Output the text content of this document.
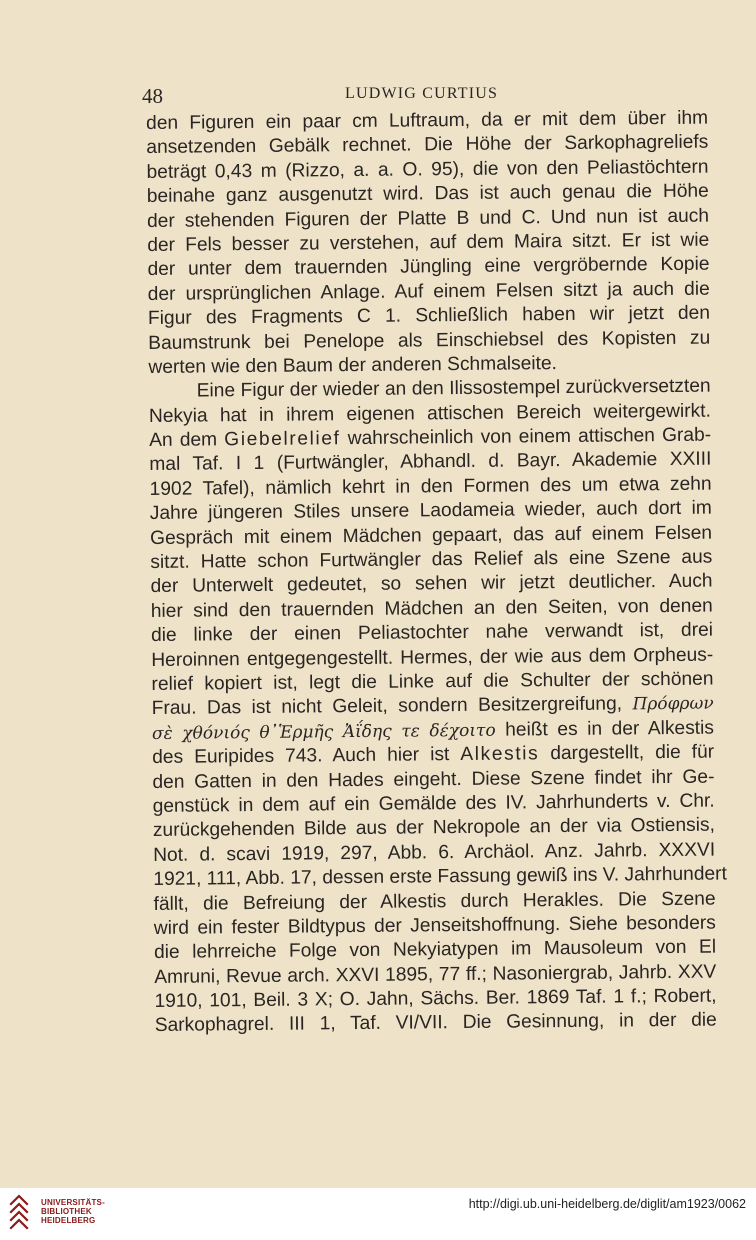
48	LUDWIG CURTIUS
den Figuren ein paar cm Luftraum, da er mit dem über ihm
ansetzenden Gebälk rechnet. Die Höhe der Sarkophagreliefs
beträgt 0,43 m (Rizzo, a. a. O. 95), die von den Peliastöchtern
beinahe ganz ausgenutzt wird. Das ist auch genau die Höhe
der stehenden Figuren der Platte B und C. Und nun ist auch
der Fels besser zu verstehen, auf dem Maira sitzt. Er ist wie
der unter dem trauernden Jüngling eine vergröbernde Kopie
der ursprünglichen Anlage. Auf einem Felsen sitzt ja auch die
Figur des Fragments C 1. Schließlich haben wir jetzt den
Baumstrunk bei Penelope als Einschiebsel des Kopisten zu
werten wie den Baum der anderen Schmalseite.
Eine Figur der wieder an den Ilissostempel zurückversetzten
Nekyia hat in ihrem eigenen attischen Bereich weitergewirkt.
An dem Giebelrelief wahrscheinlich von einem attischen Grab-
mal Taf. I 1 (Furtwängler, Abhandl. d. Bayr. Akademie XXIII
1902 Tafel), nämlich kehrt in den Formen des um etwa zehn
Jahre jüngeren Stiles unsere Laodameia wieder, auch dort im
Gespräch mit einem Mädchen gepaart, das auf einem Felsen
sitzt. Hatte schon Furtwängler das Relief als eine Szene aus
der Unterwelt gedeutet, so sehen wir jetzt deutlicher. Auch
hier sind den trauernden Mädchen an den Seiten, von denen
die linke der einen Peliastochter nahe verwandt ist, drei
Heroinnen entgegengestellt. Hermes, der wie aus dem Orpheus-
relief kopiert ist, legt die Linke auf die Schulter der schönen
Frau. Das ist nicht Geleit, sondern Besitzergreifung, Πρόφρων
σὲ χθόνιός θ᾽Ἑρμῆς Ἀΐδης τε δέχοιτο heißt es in der Alkestis
des Euripides 743. Auch hier ist Alkestis dargestellt, die für
den Gatten in den Hades eingeht. Diese Szene findet ihr Ge-
genstück in dem auf ein Gemälde des IV. Jahrhunderts v. Chr.
zurückgehenden Bilde aus der Nekropole an der via Ostiensis,
Not. d. scavi 1919, 297, Abb. 6. Archäol. Anz. Jahrb. XXXVI
1921, 111, Abb. 17, dessen erste Fassung gewiß ins V. Jahrhundert
fällt, die Befreiung der Alkestis durch Herakles. Die Szene
wird ein fester Bildtypus der Jenseitshoffnung. Siehe besonders
die lehrreiche Folge von Nekyiatypen im Mausoleum von El
Amruni, Revue arch. XXVI 1895, 77 ff.; Nasoniergrab, Jahrb. XXV
1910, 101, Beil. 3 X; O. Jahn, Sächs. Ber. 1869 Taf. 1 f.; Robert,
Sarkophagrel. III 1, Taf. VI/VII. Die Gesinnung, in der die
UNIVERSITÄTS-
BIBLIOTHEK
HEIDELBERG
http://digi.ub.uni-heidelberg.de/diglit/am1923/0062
